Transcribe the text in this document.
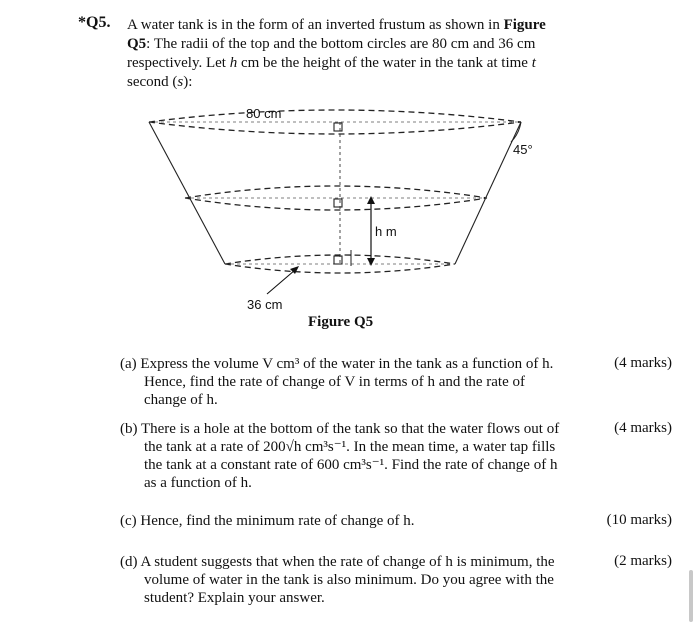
*Q5. A water tank is in the form of an inverted frustum as shown in Figure Q5: The radii of the top and the bottom circles are 80 cm and 36 cm respectively. Let h cm be the height of the water in the tank at time t second (s):
80 cm
45°
h m
36 cm
Figure Q5
(a) Express the volume V cm³ of the water in the tank as a function of h. Hence, find the rate of change of V in terms of h and the rate of change of h.
(4 marks)
(b) There is a hole at the bottom of the tank so that the water flows out of the tank at a rate of 200√h cm³s⁻¹. In the mean time, a water tap fills the tank at a constant rate of 600 cm³s⁻¹. Find the rate of change of h as a function of h.
(4 marks)
(c) Hence, find the minimum rate of change of h.	(10 marks)
(d) A student suggests that when the rate of change of h is minimum, the volume of water in the tank is also minimum. Do you agree with the student? Explain your answer.
(2 marks)
